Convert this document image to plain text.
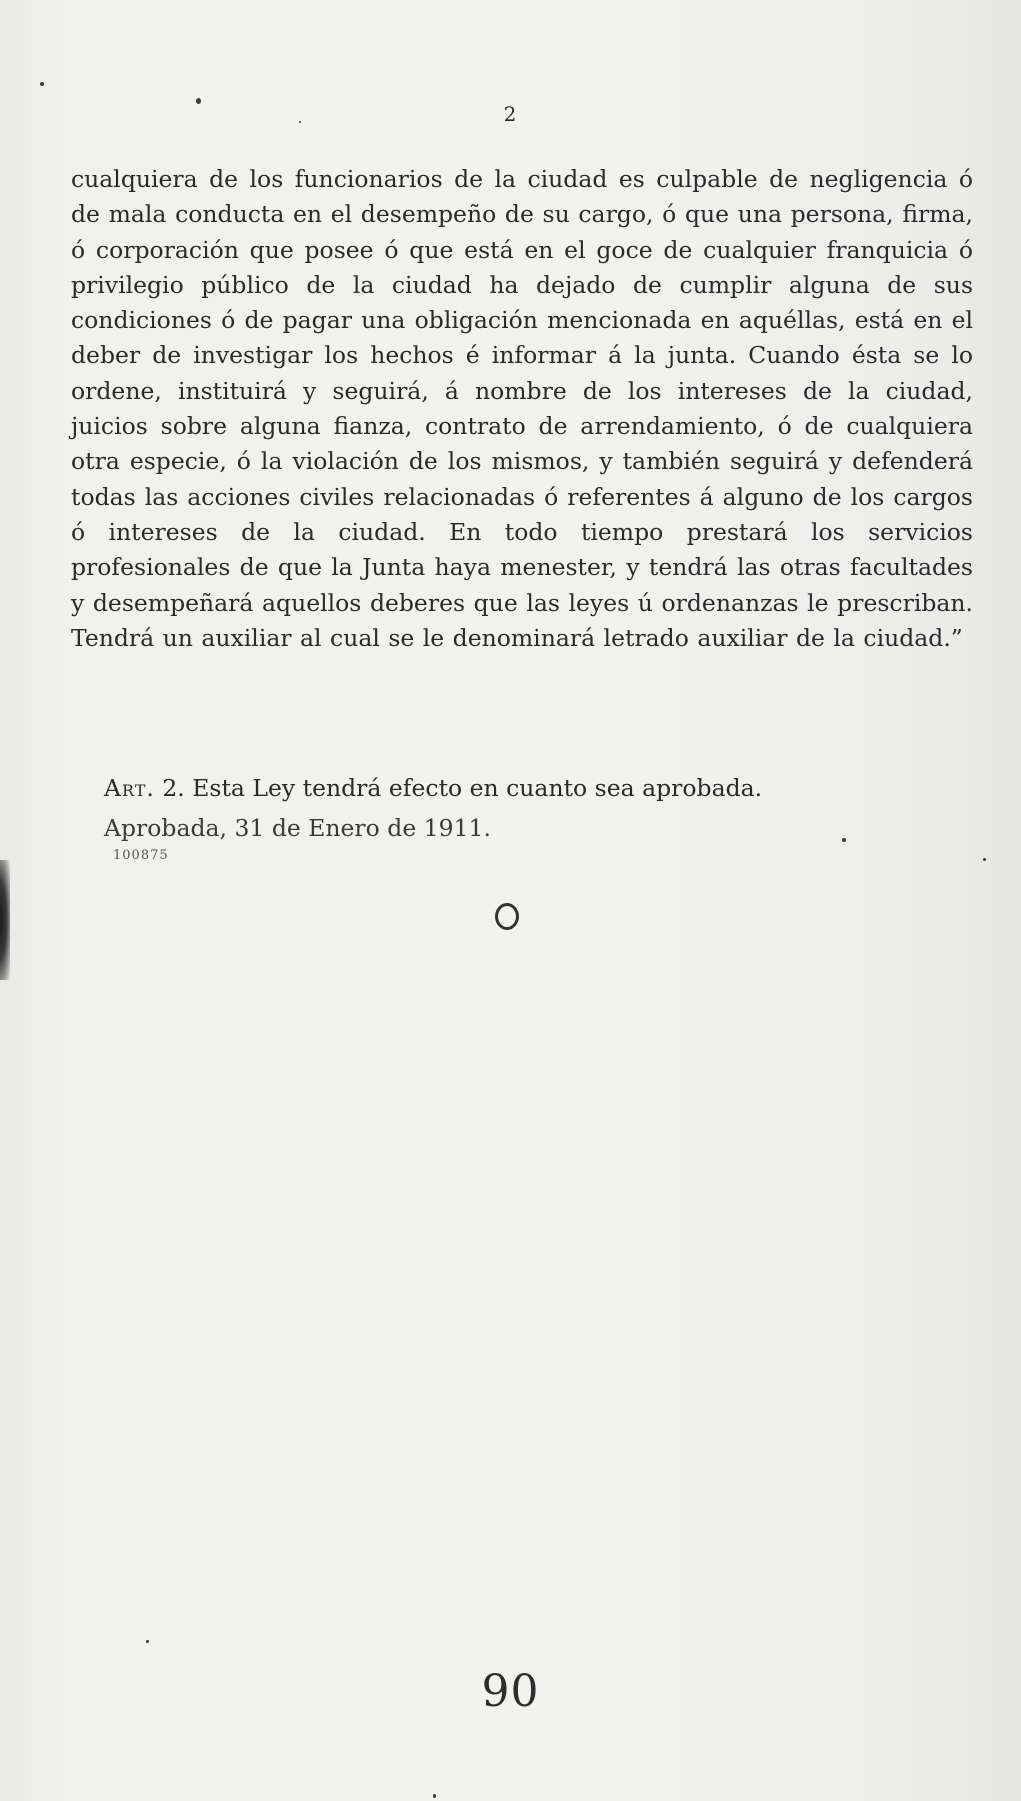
2

cualquiera de los funcionarios de la ciudad es culpable de negligencia ó de mala conducta en el desempeño de su cargo, ó que una persona, firma, ó corporación que posee ó que está en el goce de cualquier franquicia ó privilegio público de la ciudad ha dejado de cumplir alguna de sus condiciones ó de pagar una obligación mencionada en aquéllas, está en el deber de investigar los hechos é informar á la junta. Cuando ésta se lo ordene, instituirá y seguirá, á nombre de los intereses de la ciudad, juicios sobre alguna fianza, contrato de arrendamiento, ó de cualquiera otra especie, ó la violación de los mismos, y también seguirá y defenderá todas las acciones civiles relacionadas ó referentes á alguno de los cargos ó intereses de la ciudad. En todo tiempo prestará los servicios profesionales de que la Junta haya menester, y tendrá las otras facultades y desempeñará aquellos deberes que las leyes ú ordenanzas le prescriban. Tendrá un auxiliar al cual se le denominará letrado auxiliar de la ciudad.”

Art. 2. Esta Ley tendrá efecto en cuanto sea aprobada.
Aprobada, 31 de Enero de 1911.
100875
90
